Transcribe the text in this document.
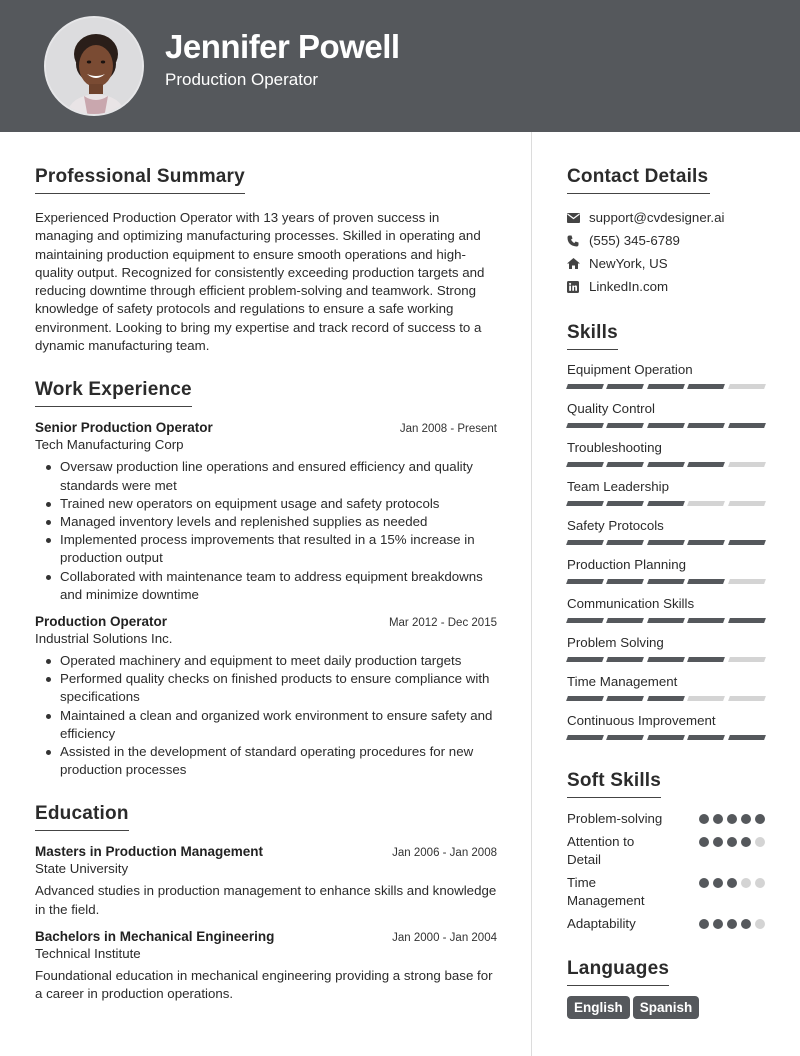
Jennifer Powell
Production Operator
Professional Summary
Experienced Production Operator with 13 years of proven success in managing and optimizing manufacturing processes. Skilled in operating and maintaining production equipment to ensure smooth operations and high-quality output. Recognized for consistently exceeding production targets and reducing downtime through efficient problem-solving and teamwork. Strong knowledge of safety protocols and regulations to ensure a safe working environment. Looking to bring my expertise and track record of success to a dynamic manufacturing team.
Work Experience
Senior Production Operator	Jan 2008 - Present
Tech Manufacturing Corp
Oversaw production line operations and ensured efficiency and quality standards were met
Trained new operators on equipment usage and safety protocols
Managed inventory levels and replenished supplies as needed
Implemented process improvements that resulted in a 15% increase in production output
Collaborated with maintenance team to address equipment breakdowns and minimize downtime
Production Operator	Mar 2012 - Dec 2015
Industrial Solutions Inc.
Operated machinery and equipment to meet daily production targets
Performed quality checks on finished products to ensure compliance with specifications
Maintained a clean and organized work environment to ensure safety and efficiency
Assisted in the development of standard operating procedures for new production processes
Education
Masters in Production Management	Jan 2006 - Jan 2008
State University
Advanced studies in production management to enhance skills and knowledge in the field.
Bachelors in Mechanical Engineering	Jan 2000 - Jan 2004
Technical Institute
Foundational education in mechanical engineering providing a strong base for a career in production operations.
Contact Details
support@cvdesigner.ai
(555) 345-6789
NewYork, US
LinkedIn.com
Skills
Equipment Operation
Quality Control
Troubleshooting
Team Leadership
Safety Protocols
Production Planning
Communication Skills
Problem Solving
Time Management
Continuous Improvement
Soft Skills
Problem-solving
Attention to Detail
Time Management
Adaptability
Languages
English Spanish
